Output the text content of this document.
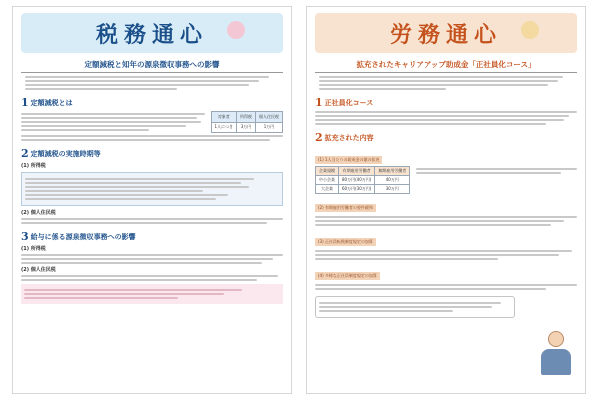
税務通心
定額減税と知年の源泉徴収事務への影響
1 定額減税とは
対象者	所得税	個人住民税
1人につき	3万円	1万円
2 定額減税の実施時期等
(1) 所得税
(2) 個人住民税
3 給与に係る源泉徴収事務への影響
(1) 所得税
(2) 個人住民税
労務通心
拡充されたキャリアアップ助成金「正社員化コース」
1 正社員化コース
2 拡充された内容
(1) 1人当たりの助成金の額の拡充
企業規模	有期雇用労働者	無期雇用労働者
中小企業	80万円(40万円)	40万円
大企業	60万円(30万円)	30万円
(2) 有期雇用労働者の要件緩和
(3) 正社員転換制度規定の加算
(4) 多様な正社員制度規定の加算
